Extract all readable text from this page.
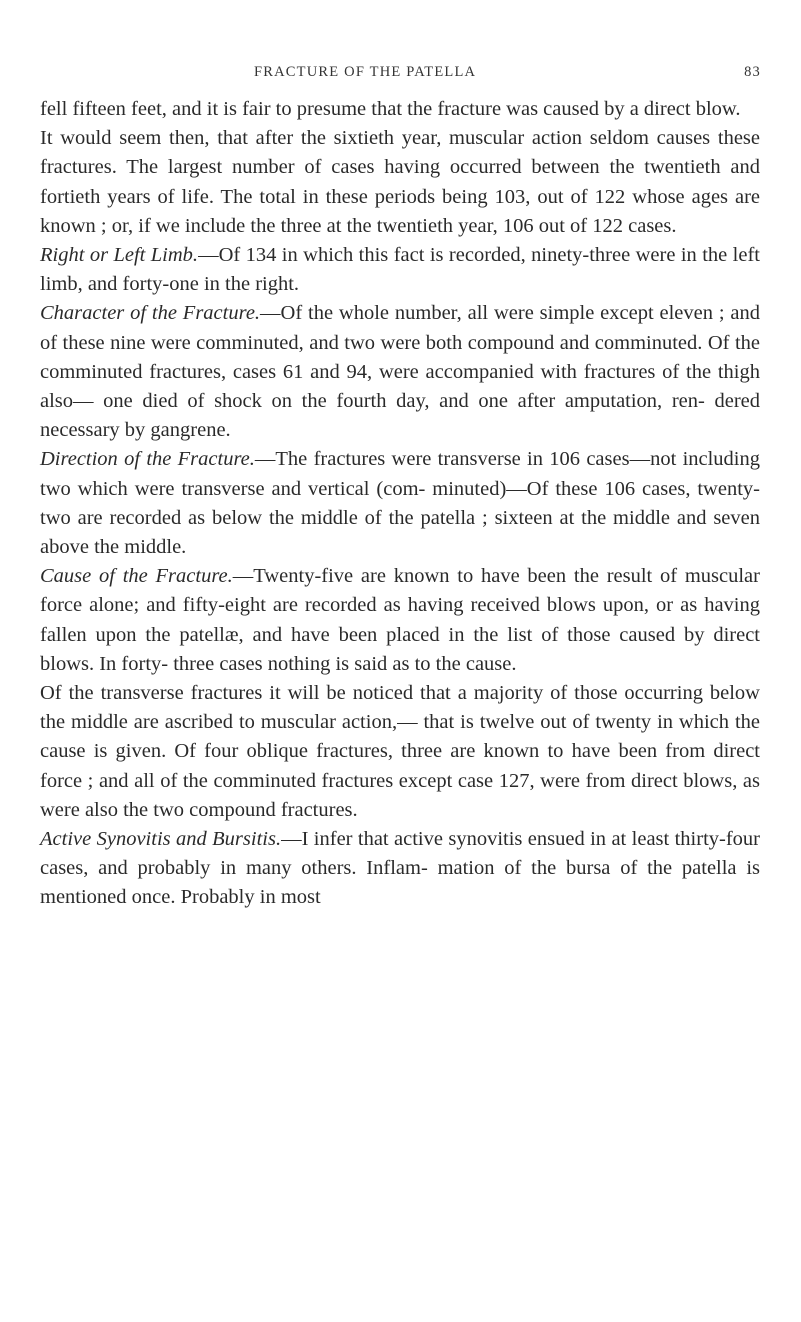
FRACTURE OF THE PATELLA	83

fell fifteen feet, and it is fair to presume that the fracture was caused by a direct blow.

It would seem then, that after the sixtieth year, muscular action seldom causes these fractures. The largest number of cases having occurred between the twentieth and fortieth years of life. The total in these periods being 103, out of 122 whose ages are known ; or, if we include the three at the twentieth year, 106 out of 122 cases.

Right or Left Limb.—Of 134 in which this fact is recorded, ninety-three were in the left limb, and forty-one in the right.

Character of the Fracture.—Of the whole number, all were simple except eleven ; and of these nine were comminuted, and two were both compound and comminuted. Of the comminuted fractures, cases 61 and 94, were accompanied with fractures of the thigh also— one died of shock on the fourth day, and one after amputation, ren- dered necessary by gangrene.

Direction of the Fracture.—The fractures were transverse in 106 cases—not including two which were transverse and vertical (com- minuted)—Of these 106 cases, twenty-two are recorded as below the middle of the patella ; sixteen at the middle and seven above the middle.

Cause of the Fracture.—Twenty-five are known to have been the result of muscular force alone; and fifty-eight are recorded as having received blows upon, or as having fallen upon the patellæ, and have been placed in the list of those caused by direct blows. In forty- three cases nothing is said as to the cause.

Of the transverse fractures it will be noticed that a majority of those occurring below the middle are ascribed to muscular action,— that is twelve out of twenty in which the cause is given. Of four oblique fractures, three are known to have been from direct force ; and all of the comminuted fractures except case 127, were from direct blows, as were also the two compound fractures.

Active Synovitis and Bursitis.—I infer that active synovitis ensued in at least thirty-four cases, and probably in many others. Inflam- mation of the bursa of the patella is mentioned once. Probably in most
